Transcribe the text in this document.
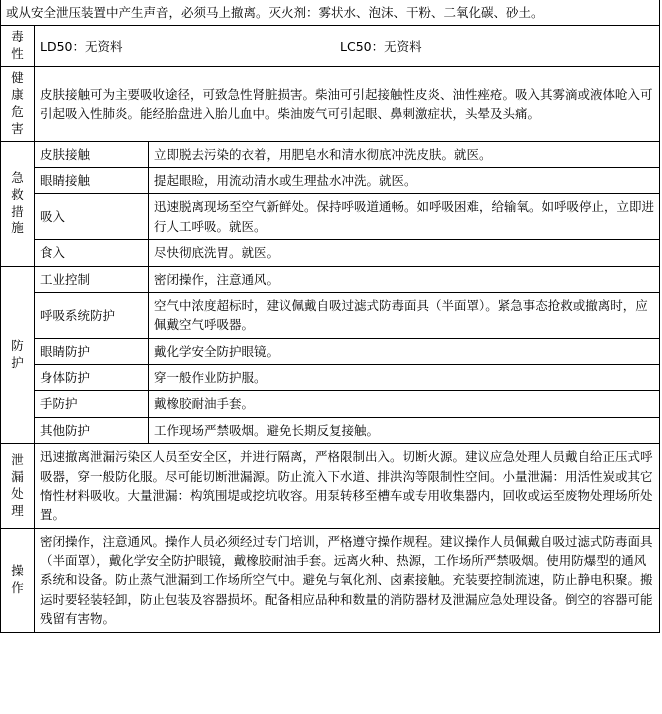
或从安全泄压装置中产生声音，必须马上撤离。灭火剂：雾状水、泡沫、干粉、二氧化碳、砂土。		

毒性	LD50：无资料 LC50：无资料	

健康危害	皮肤接触可为主要吸收途径，可致急性肾脏损害。柴油可引起接触性皮炎、油性痤疮。吸入其雾滴或液体呛入可引起吸入性肺炎。能经胎盘进入胎儿血中。柴油废气可引起眼、鼻刺激症状，头晕及头痛。	

急救措施	皮肤接触	立即脱去污染的衣着，用肥皂水和清水彻底冲洗皮肤。就医。
	眼睛接触	提起眼睑，用流动清水或生理盐水冲洗。就医。
	吸入	迅速脱离现场至空气新鲜处。保持呼吸道通畅。如呼吸困难，给输氧。如呼吸停止，立即进行人工呼吸。就医。
	食入	尽快彻底洗胃。就医。

防护	工业控制	密闭操作，注意通风。
	呼吸系统防护	空气中浓度超标时，建议佩戴自吸过滤式防毒面具（半面罩）。紧急事态抢救或撤离时，应佩戴空气呼吸器。
	眼睛防护	戴化学安全防护眼镜。
	身体防护	穿一般作业防护服。
	手防护	戴橡胶耐油手套。
	其他防护	工作现场严禁吸烟。避免长期反复接触。

泄漏处理	迅速撤离泄漏污染区人员至安全区，并进行隔离，严格限制出入。切断火源。建议应急处理人员戴自给正压式呼吸器，穿一般防化服。尽可能切断泄漏源。防止流入下水道、排洪沟等限制性空间。小量泄漏：用活性炭或其它惰性材料吸收。大量泄漏：构筑围堤或挖坑收容。用泵转移至槽车或专用收集器内，回收或运至废物处理场所处置。	

操作	密闭操作，注意通风。操作人员必须经过专门培训，严格遵守操作规程。建议操作人员佩戴自吸过滤式防毒面具（半面罩），戴化学安全防护眼镜，戴橡胶耐油手套。远离火种、热源，工作场所严禁吸烟。使用防爆型的通风系统和设备。防止蒸气泄漏到工作场所空气中。避免与氧化剂、卤素接触。充装要控制流速，防止静电积聚。搬运时要轻装轻卸，防止包装及容器损坏。配备相应品种和数量的消防器材及泄漏应急处理设备。倒空的容器可能残留有害物。	
